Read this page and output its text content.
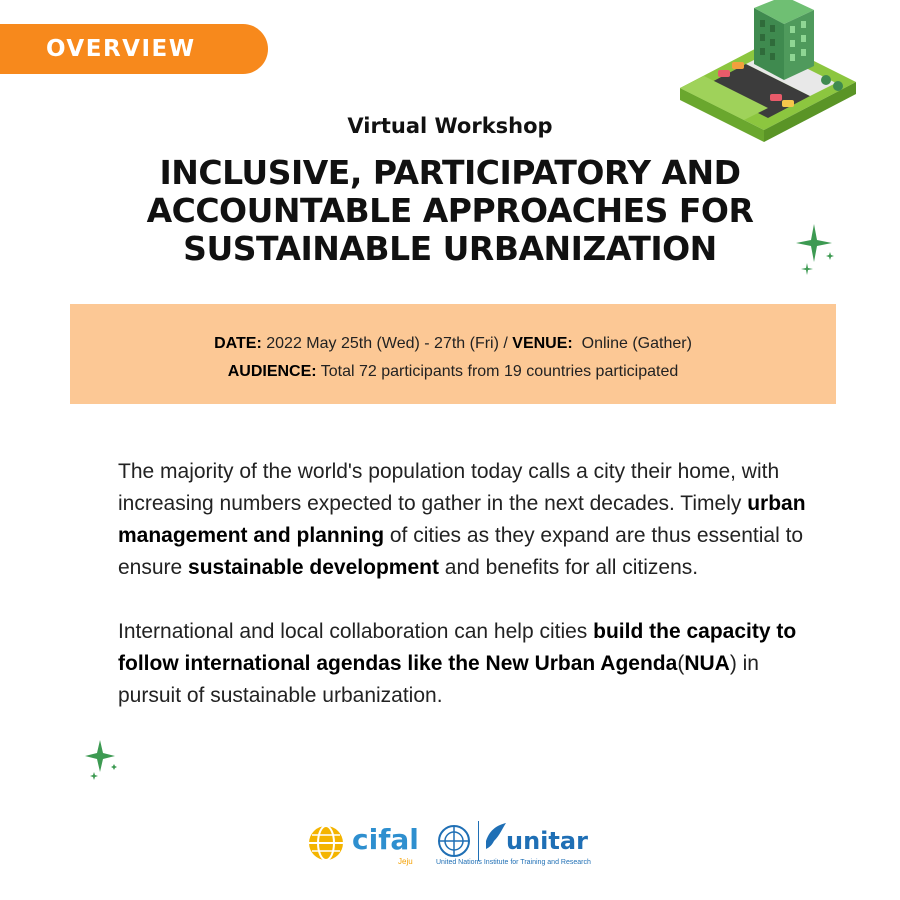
OVERVIEW
Virtual Workshop
INCLUSIVE, PARTICIPATORY AND
ACCOUNTABLE APPROACHES FOR
SUSTAINABLE URBANIZATION
DATE: 2022 May 25th (Wed) - 27th (Fri) / VENUE:  Online (Gather)
AUDIENCE: Total 72 participants from 19 countries participated

The majority of the world's population today calls a city their home, with increasing numbers expected to gather in the next decades. Timely urban management and planning of cities as they expand are thus essential to ensure sustainable development and benefits for all citizens.

International and local collaboration can help cities build the capacity to follow international agendas like the New Urban Agenda(NUA) in pursuit of sustainable urbanization.

cifal
Jeju
unitar
United Nations Institute for Training and Research
